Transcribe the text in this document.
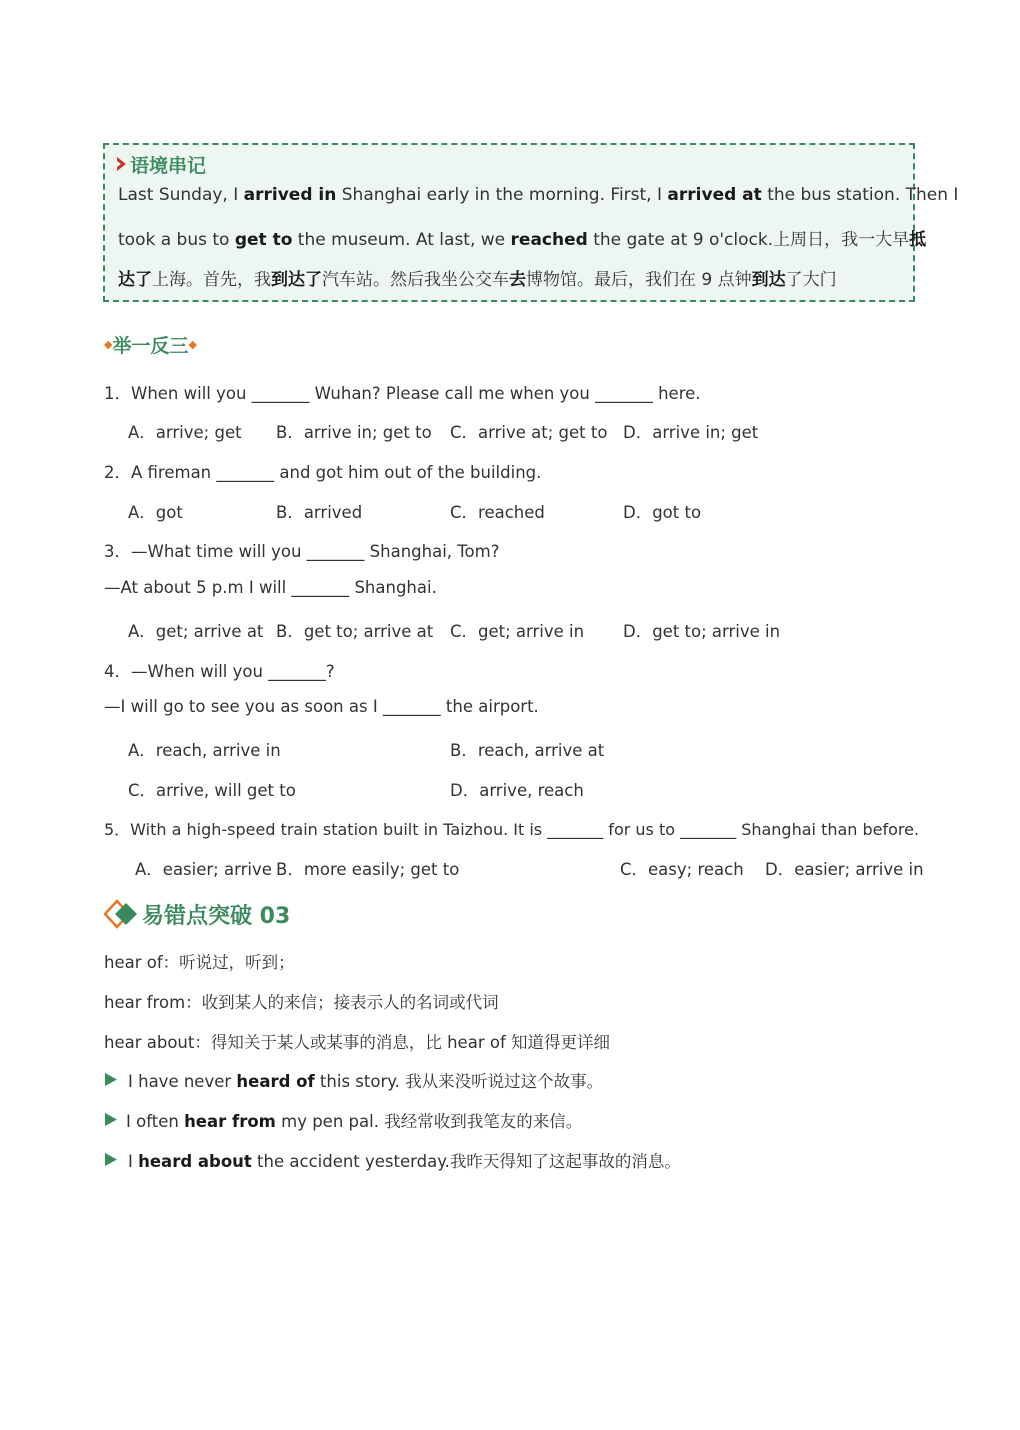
语境串记
Last Sunday, I arrived in Shanghai early in the morning. First, I arrived at the bus station. Then I
took a bus to get to the museum. At last, we reached the gate at 9 o'clock.上周日，我一大早抵
达了上海。首先，我到达了汽车站。然后我坐公交车去博物馆。最后，我们在 9 点钟到达了大门
◆ 举一反三 ◆
1．When will you _______ Wuhan? Please call me when you _______ here.
A．arrive; get B．arrive in; get to C．arrive at; get to D．arrive in; get
2．A fireman _______ and got him out of the building.
A．got	B．arrived	C．reached	D．got to
3．—What time will you _______ Shanghai, Tom?
—At about 5 p.m I will _______ Shanghai.
A．get; arrive at B．get to; arrive at C．get; arrive in D．get to; arrive in
4．—When will you _______?
—I will go to see you as soon as I _______ the airport.
A．reach, arrive in	B．reach, arrive at
C．arrive, will get to	D．arrive, reach
5．With a high-speed train station built in Taizhou. It is _______ for us to _______ Shanghai than before.
A．easier; arrive B．more easily; get to	C．easy; reach D．easier; arrive in
易错点突破 03
hear of：听说过，听到；
hear from：收到某人的来信；接表示人的名词或代词
hear about：得知关于某人或某事的消息，比 hear of 知道得更详细
I have never heard of this story. 我从来没听说过这个故事。
I often hear from my pen pal. 我经常收到我笔友的来信。
I heard about the accident yesterday.我昨天得知了这起事故的消息。
